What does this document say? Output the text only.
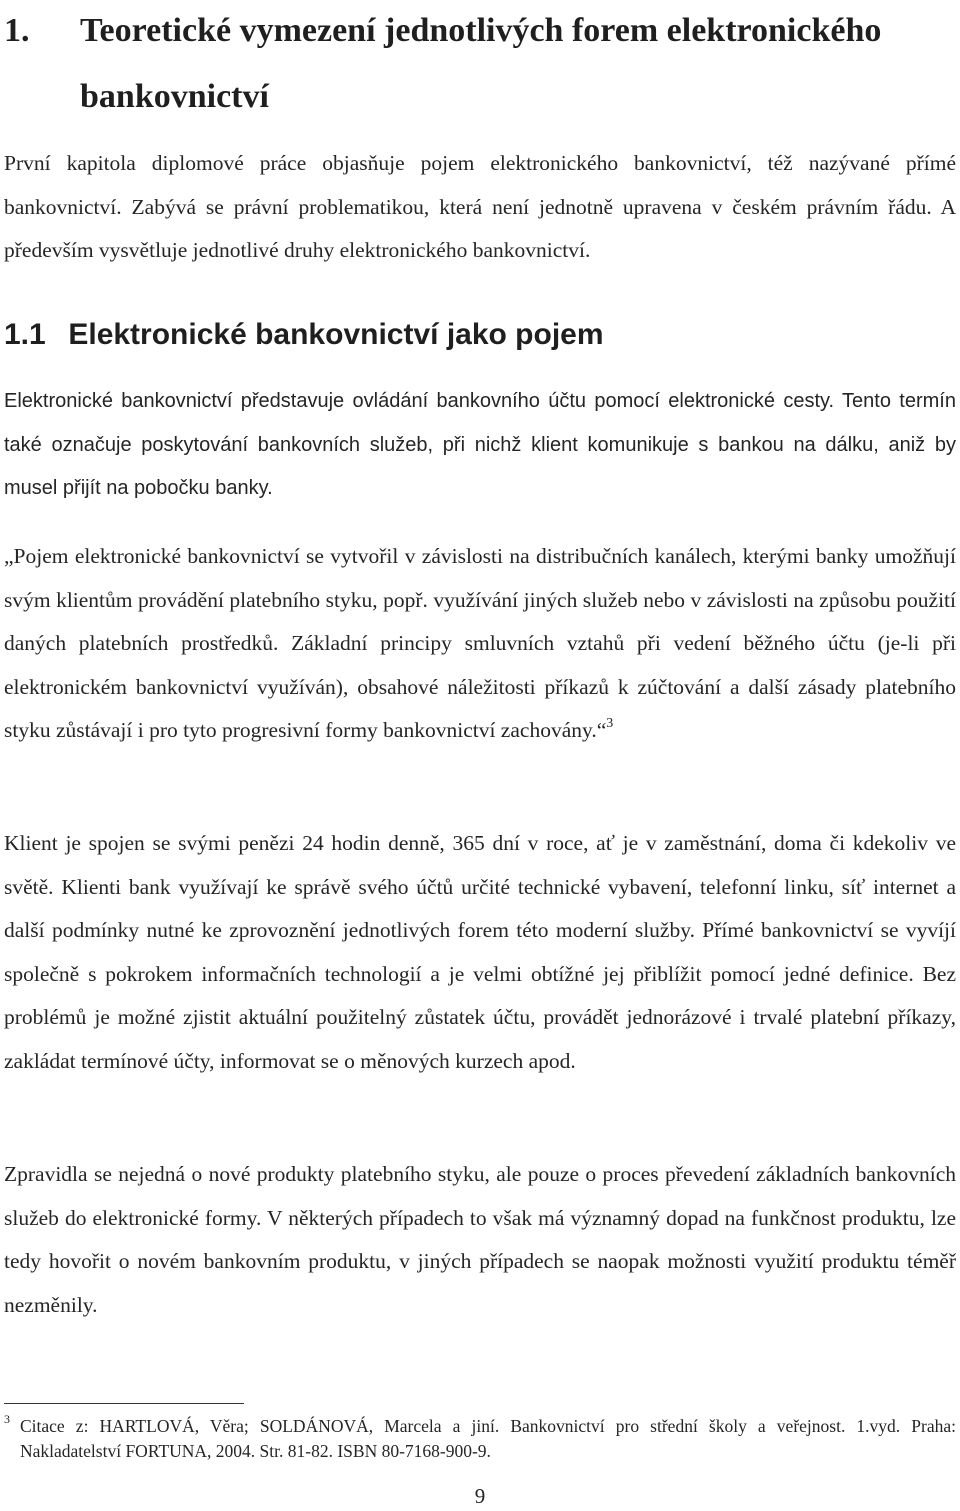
1. Teoretické vymezení jednotlivých forem elektronického bankovnictví

První kapitola diplomové práce objasňuje pojem elektronického bankovnictví, též nazývané přímé bankovnictví. Zabývá se právní problematikou, která není jednotně upravena v českém právním řádu. A především vysvětluje jednotlivé druhy elektronického bankovnictví.

1.1 Elektronické bankovnictví jako pojem

Elektronické bankovnictví představuje ovládání bankovního účtu pomocí elektronické cesty. Tento termín také označuje poskytování bankovních služeb, při nichž klient komunikuje s bankou na dálku, aniž by musel přijít na pobočku banky.

„Pojem elektronické bankovnictví se vytvořil v závislosti na distribučních kanálech, kterými banky umožňují svým klientům provádění platebního styku, popř. využívání jiných služeb nebo v závislosti na způsobu použití daných platebních prostředků. Základní principy smluvních vztahů při vedení běžného účtu (je-li při elektronickém bankovnictví využíván), obsahové náležitosti příkazů k zúčtování a další zásady platebního styku zůstávají i pro tyto progresivní formy bankovnictví zachovány.“$^3$

Klient je spojen se svými penězi 24 hodin denně, 365 dní v roce, ať je v zaměstnání, doma či kdekoliv ve světě. Klienti bank využívají ke správě svého účtů určité technické vybavení, telefonní linku, síť internet a další podmínky nutné ke zprovoznění jednotlivých forem této moderní služby. Přímé bankovnictví se vyvíjí společně s pokrokem informačních technologií a je velmi obtížné jej přiblížit pomocí jedné definice. Bez problémů je možné zjistit aktuální použitelný zůstatek účtu, provádět jednorázové i trvalé platební příkazy, zakládat termínové účty, informovat se o měnových kurzech apod.

Zpravidla se nejedná o nové produkty platebního styku, ale pouze o proces převedení základních bankovních služeb do elektronické formy. V některých případech to však má významný dopad na funkčnost produktu, lze tedy hovořit o novém bankovním produktu, v jiných případech se naopak možnosti využití produktu téměř nezměnily.

3 Citace z: HARTLOVÁ, Věra; SOLDÁNOVÁ, Marcela a jiní. Bankovnictví pro střední školy a veřejnost. 1.vyd. Praha: Nakladatelství FORTUNA, 2004. Str. 81-82. ISBN 80-7168-900-9.

9
